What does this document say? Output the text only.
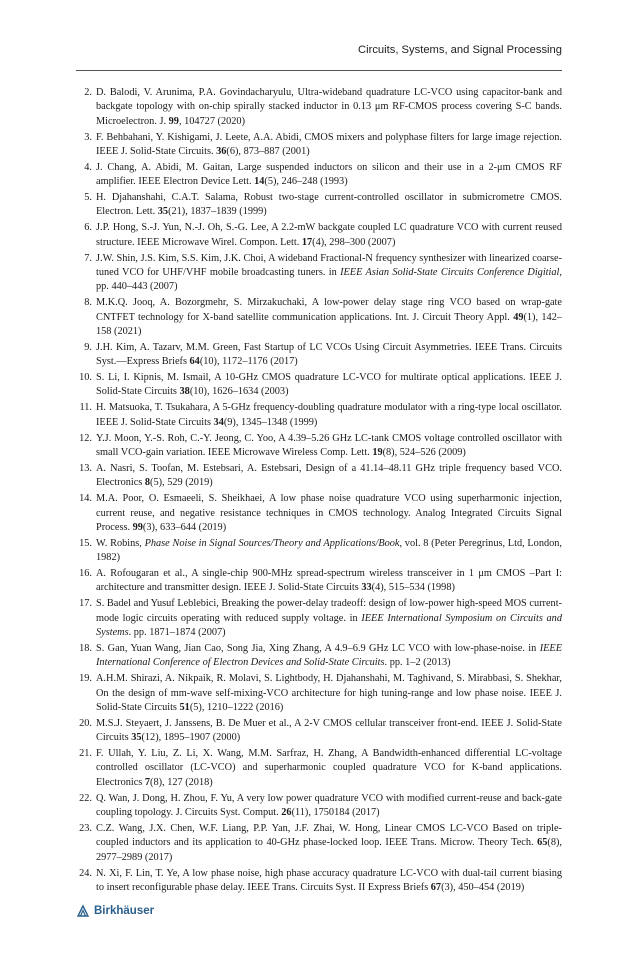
Circuits, Systems, and Signal Processing
2. D. Balodi, V. Arunima, P.A. Govindacharyulu, Ultra-wideband quadrature LC-VCO using capacitor-bank and backgate topology with on-chip spirally stacked inductor in 0.13 μm RF-CMOS process covering S-C bands. Microelectron. J. 99, 104727 (2020)
3. F. Behbahani, Y. Kishigami, J. Leete, A.A. Abidi, CMOS mixers and polyphase filters for large image rejection. IEEE J. Solid-State Circuits. 36(6), 873–887 (2001)
4. J. Chang, A. Abidi, M. Gaitan, Large suspended inductors on silicon and their use in a 2-μm CMOS RF amplifier. IEEE Electron Device Lett. 14(5), 246–248 (1993)
5. H. Djahanshahi, C.A.T. Salama, Robust two-stage current-controlled oscillator in submicrometre CMOS. Electron. Lett. 35(21), 1837–1839 (1999)
6. J.P. Hong, S.-J. Yun, N.-J. Oh, S.-G. Lee, A 2.2-mW backgate coupled LC quadrature VCO with current reused structure. IEEE Microwave Wirel. Compon. Lett. 17(4), 298–300 (2007)
7. J.W. Shin, J.S. Kim, S.S. Kim, J.K. Choi, A wideband Fractional-N frequency synthesizer with linearized coarse-tuned VCO for UHF/VHF mobile broadcasting tuners. in IEEE Asian Solid-State Circuits Conference Digitial, pp. 440–443 (2007)
8. M.K.Q. Jooq, A. Bozorgmehr, S. Mirzakuchaki, A low-power delay stage ring VCO based on wrap-gate CNTFET technology for X-band satellite communication applications. Int. J. Circuit Theory Appl. 49(1), 142–158 (2021)
9. J.H. Kim, A. Tazarv, M.M. Green, Fast Startup of LC VCOs Using Circuit Asymmetries. IEEE Trans. Circuits Syst.—Express Briefs 64(10), 1172–1176 (2017)
10. S. Li, I. Kipnis, M. Ismail, A 10-GHz CMOS quadrature LC-VCO for multirate optical applications. IEEE J. Solid-State Circuits 38(10), 1626–1634 (2003)
11. H. Matsuoka, T. Tsukahara, A 5-GHz frequency-doubling quadrature modulator with a ring-type local oscillator. IEEE J. Solid-State Circuits 34(9), 1345–1348 (1999)
12. Y.J. Moon, Y.-S. Roh, C.-Y. Jeong, C. Yoo, A 4.39–5.26 GHz LC-tank CMOS voltage controlled oscillator with small VCO-gain variation. IEEE Microwave Wireless Comp. Lett. 19(8), 524–526 (2009)
13. A. Nasri, S. Toofan, M. Estebsari, A. Estebsari, Design of a 41.14–48.11 GHz triple frequency based VCO. Electronics 8(5), 529 (2019)
14. M.A. Poor, O. Esmaeeli, S. Sheikhaei, A low phase noise quadrature VCO using superharmonic injection, current reuse, and negative resistance techniques in CMOS technology. Analog Integrated Circuits Signal Process. 99(3), 633–644 (2019)
15. W. Robins, Phase Noise in Signal Sources/Theory and Applications/Book, vol. 8 (Peter Peregrinus, Ltd, London, 1982)
16. A. Rofougaran et al., A single-chip 900-MHz spread-spectrum wireless transceiver in 1 μm CMOS –Part I: architecture and transmitter design. IEEE J. Solid-State Circuits 33(4), 515–534 (1998)
17. S. Badel and Yusuf Leblebici, Breaking the power-delay tradeoff: design of low-power high-speed MOS current-mode logic circuits operating with reduced supply voltage. in IEEE International Symposium on Circuits and Systems. pp. 1871–1874 (2007)
18. S. Gan, Yuan Wang, Jian Cao, Song Jia, Xing Zhang, A 4.9–6.9 GHz LC VCO with low-phase-noise. in IEEE International Conference of Electron Devices and Solid-State Circuits. pp. 1–2 (2013)
19. A.H.M. Shirazi, A. Nikpaik, R. Molavi, S. Lightbody, H. Djahanshahi, M. Taghivand, S. Mirabbasi, S. Shekhar, On the design of mm-wave self-mixing-VCO architecture for high tuning-range and low phase noise. IEEE J. Solid-State Circuits 51(5), 1210–1222 (2016)
20. M.S.J. Steyaert, J. Janssens, B. De Muer et al., A 2-V CMOS cellular transceiver front-end. IEEE J. Solid-State Circuits 35(12), 1895–1907 (2000)
21. F. Ullah, Y. Liu, Z. Li, X. Wang, M.M. Sarfraz, H. Zhang, A Bandwidth-enhanced differential LC-voltage controlled oscillator (LC-VCO) and superharmonic coupled quadrature VCO for K-band applications. Electronics 7(8), 127 (2018)
22. Q. Wan, J. Dong, H. Zhou, F. Yu, A very low power quadrature VCO with modified current-reuse and back-gate coupling topology. J. Circuits Syst. Comput. 26(11), 1750184 (2017)
23. C.Z. Wang, J.X. Chen, W.F. Liang, P.P. Yan, J.F. Zhai, W. Hong, Linear CMOS LC-VCO Based on triple-coupled inductors and its application to 40-GHz phase-locked loop. IEEE Trans. Microw. Theory Tech. 65(8), 2977–2989 (2017)
24. N. Xi, F. Lin, T. Ye, A low phase noise, high phase accuracy quadrature LC-VCO with dual-tail current biasing to insert reconfigurable phase delay. IEEE Trans. Circuits Syst. II Express Briefs 67(3), 450–454 (2019)
Birkhäuser
